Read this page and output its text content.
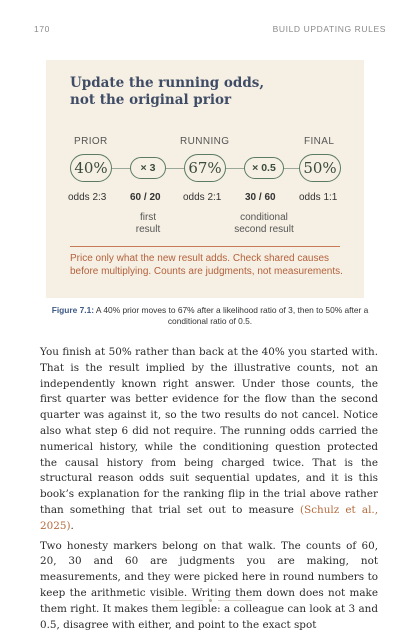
170	BUILD UPDATING RULES
Update the running odds,
not the original prior
PRIOR	RUNNING	FINAL
40%	× 3	67%	× 0.5	50%
odds 2:3 60 / 20 odds 2:1 30 / 60 odds 1:1
first
result
conditional
second result
Price only what the new result adds. Check shared causes before multiplying. Counts are judgments, not measurements.
Figure 7.1: A 40% prior moves to 67% after a likelihood ratio of 3, then to 50% after a conditional ratio of 0.5.

You finish at 50% rather than back at the 40% you started with. That is the result implied by the illustrative counts, not an independently known right answer. Under those counts, the first quarter was better evidence for the flow than the second quarter was against it, so the two results do not cancel. Notice also what step 6 did not require. The running odds carried the numerical history, while the conditioning question protected the causal history from being charged twice. That is the structural reason odds suit sequential updates, and it is this book’s explanation for the ranking flip in the trial above rather than something that trial set out to measure (Schulz et al., 2025).

Two honesty markers belong on that walk. The counts of 60, 20, 30 and 60 are judgments you are making, not measurements, and they were picked here in round numbers to keep the arithmetic visible. Writing them down does not make them right. It makes them legible: a colleague can look at 3 and 0.5, disagree with either, and point to the exact spot
